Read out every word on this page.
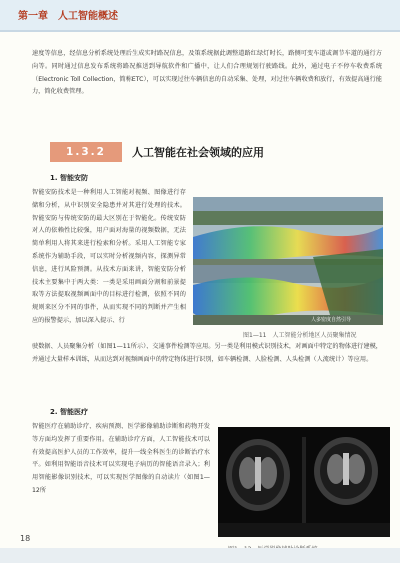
第一章　人工智能概述
速度等信息，经信息分析系统处理后生成实时路况信息，及策系统据此调整道路红绿灯时长，路侧可变车道或调节车道的通行方向等。同时通过信息发布系统将路况推送到导航软件和广播中，让人们合理规划行驶路线。此外，通过电子不停车收费系统（Electronic Toll Collection，简称ETC），可以实现过往车辆信息的自动采集、处理，对过往车辆收费和放行，有效提高通行能力，简化收费管理。
1.3.2	人工智能在社会领域的应用
1. 智能安防
智能安防技术是一种利用人工智能对视频、图像进行存储和分析，从中识别安全隐患并对其进行处理的技术。智能安防与传统安防的最大区别在于智能化。传统安防对人的依赖性比较强，用户面对海量的视频数据，无法简单利用人将其来进行检索和分析。采用人工智能专家系统作为辅助手段，可以实时分析视频内容，探测异常信息，进行风险预测。从技术方面来讲，智能安防分析技术主要集中于两大类：一类是采用画面分割和前景提取等方法提取视频画面中的目标进行检测，依照不同的规则来区分不同的事件，从而实现不同的判断并产生相应的报警提示，加以深入提示、行	人多密度自然引导
图1—11　人工智能分析地区人员聚集情况
驶数据、人员聚集分析（如图1—11所示）、交通事件检测等应用。另一类是利用模式识别技术，对画面中特定的物体进行建模，并通过大量样本训练，从而达到对视频画面中的特定物体进行识别，如车辆检测、人脸检测、人头检测（人流统计）等应用。
2. 智能医疗
智能医疗在辅助诊疗、疾病预测、医学影像辅助诊断和药物开发等方面均发挥了重要作用。在辅助诊疗方面，人工智能技术可以有效提高医护人员的工作效率，提升一线全科医生的诊断治疗水平。如利用智能语音技术可以实现电子病历的智能语音录入；利用智能影像识别技术，可以实现医学图像的自动读片（如图1—12所
18
